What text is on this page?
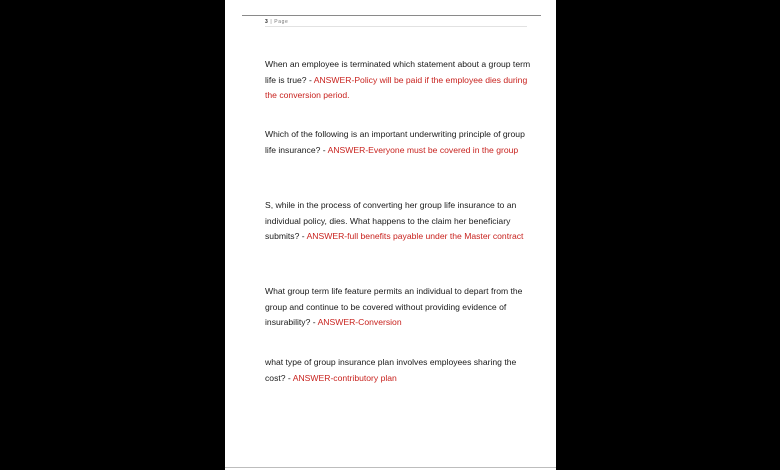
3 | Page
When an employee is terminated which statement about a group term life is true? - ANSWER-Policy will be paid if the employee dies during the conversion period.
Which of the following is an important underwriting principle of group life insurance? - ANSWER-Everyone must be covered in the group
S, while in the process of converting her group life insurance to an individual policy, dies. What happens to the claim her beneficiary submits? - ANSWER-full benefits payable under the Master contract
What group term life feature permits an individual to depart from the group and continue to be covered without providing evidence of insurability? - ANSWER-Conversion
what type of group insurance plan involves employees sharing the cost? - ANSWER-contributory plan
